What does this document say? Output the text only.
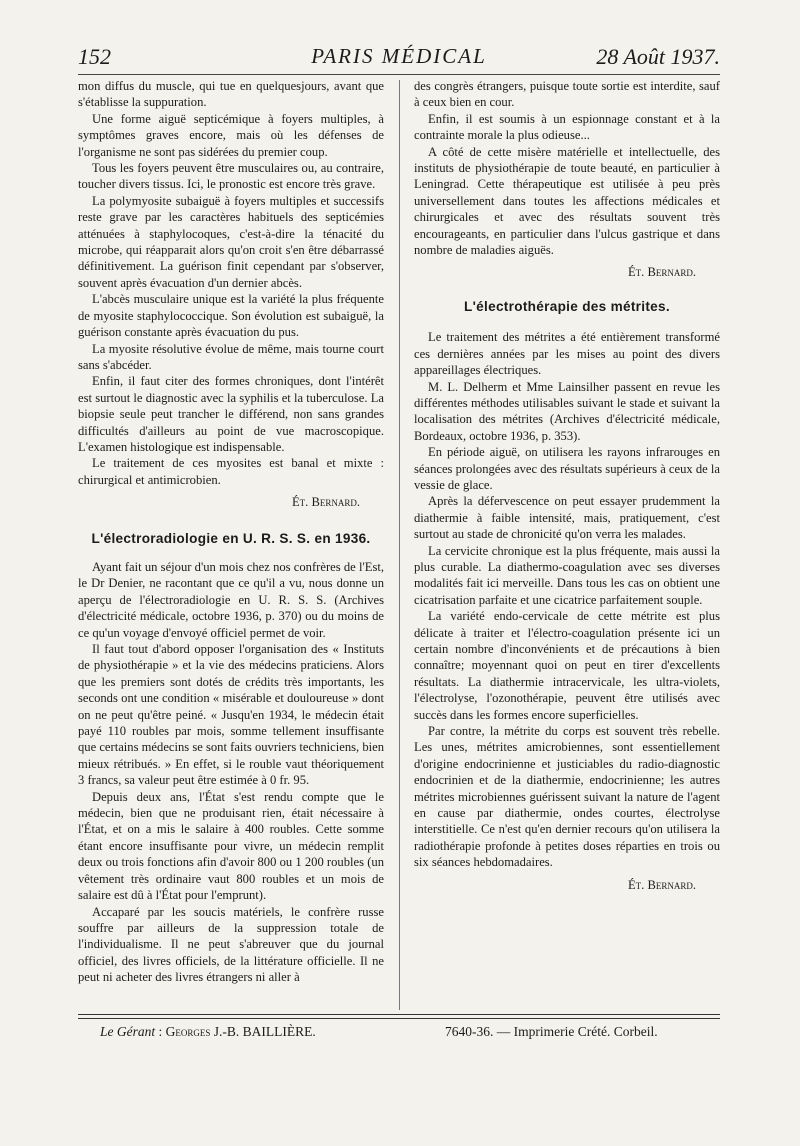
152	PARIS MÉDICAL	28 Août 1937.

mon diffus du muscle, qui tue en quelquesjours, avant que s'établisse la suppuration.

Une forme aiguë septicémique à foyers multiples, à symptômes graves encore, mais où les défenses de l'organisme ne sont pas sidérées du premier coup.

Tous les foyers peuvent être musculaires ou, au contraire, toucher divers tissus. Ici, le pronostic est encore très grave.

La polymyosite subaiguë à foyers multiples et successifs reste grave par les caractères habituels des septicémies atténuées à staphylocoques, c'est-à-dire la ténacité du microbe, qui réapparait alors qu'on croit s'en être débarrassé définitivement. La guérison finit cependant par s'observer, souvent après évacuation d'un dernier abcès.

L'abcès musculaire unique est la variété la plus fréquente de myosite staphylococcique. Son évolution est subaiguë, la guérison constante après évacuation du pus.

La myosite résolutive évolue de même, mais tourne court sans s'abcéder.

Enfin, il faut citer des formes chroniques, dont l'intérêt est surtout le diagnostic avec la syphilis et la tuberculose. La biopsie seule peut trancher le différend, non sans grandes difficultés d'ailleurs au point de vue macroscopique. L'examen histologique est indispensable.

Le traitement de ces myosites est banal et mixte : chirurgical et antimicrobien.

Ét. Bernard.

L'électroradiologie en U. R. S. S. en 1936.

Ayant fait un séjour d'un mois chez nos confrères de l'Est, le Dr Denier, ne racontant que ce qu'il a vu, nous donne un aperçu de l'électroradiologie en U. R. S. S. (Archives d'électricité médicale, octobre 1936, p. 370) ou du moins de ce qu'un voyage d'envoyé officiel permet de voir.

Il faut tout d'abord opposer l'organisation des « Instituts de physiothérapie » et la vie des médecins praticiens. Alors que les premiers sont dotés de crédits très importants, les seconds ont une condition « misérable et douloureuse » dont on ne peut qu'être peiné. « Jusqu'en 1934, le médecin était payé 110 roubles par mois, somme tellement insuffisante que certains médecins se sont faits ouvriers techniciens, bien mieux rétribués. » En effet, si le rouble vaut théoriquement 3 francs, sa valeur peut être estimée à 0 fr. 95.

Depuis deux ans, l'État s'est rendu compte que le médecin, bien que ne produisant rien, était nécessaire à l'État, et on a mis le salaire à 400 roubles. Cette somme étant encore insuffisante pour vivre, un médecin remplit deux ou trois fonctions afin d'avoir 800 ou 1 200 roubles (un vêtement très ordinaire vaut 800 roubles et un mois de salaire est dû à l'État pour l'emprunt).

Accaparé par les soucis matériels, le confrère russe souffre par ailleurs de la suppression totale de l'individualisme. Il ne peut s'abreuver que du journal officiel, des livres officiels, de la littérature officielle. Il ne peut ni acheter des livres étrangers ni aller à

des congrès étrangers, puisque toute sortie est interdite, sauf à ceux bien en cour.

Enfin, il est soumis à un espionnage constant et à la contrainte morale la plus odieuse...

A côté de cette misère matérielle et intellectuelle, des instituts de physiothérapie de toute beauté, en particulier à Leningrad. Cette thérapeutique est utilisée à peu près universellement dans toutes les affections médicales et chirurgicales et avec des résultats souvent très encourageants, en particulier dans l'ulcus gastrique et dans nombre de maladies aiguës.

Ét. Bernard.

L'électrothérapie des métrites.

Le traitement des métrites a été entièrement transformé ces dernières années par les mises au point des divers appareillages électriques.

M. L. Delherm et Mme Lainsilher passent en revue les différentes méthodes utilisables suivant le stade et suivant la localisation des métrites (Archives d'électricité médicale, Bordeaux, octobre 1936, p. 353).

En période aiguë, on utilisera les rayons infrarouges en séances prolongées avec des résultats supérieurs à ceux de la vessie de glace.

Après la défervescence on peut essayer prudemment la diathermie à faible intensité, mais, pratiquement, c'est surtout au stade de chronicité qu'on verra les malades.

La cervicite chronique est la plus fréquente, mais aussi la plus curable. La diathermo-coagulation avec ses diverses modalités fait ici merveille. Dans tous les cas on obtient une cicatrisation parfaite et une cicatrice parfaitement souple.

La variété endo-cervicale de cette métrite est plus délicate à traiter et l'électro-coagulation présente ici un certain nombre d'inconvénients et de précautions à bien connaître; moyennant quoi on peut en tirer d'excellents résultats. La diathermie intracervicale, les ultra-violets, l'électrolyse, l'ozonothérapie, peuvent être utilisés avec succès dans les formes encore superficielles.

Par contre, la métrite du corps est souvent très rebelle. Les unes, métrites amicrobiennes, sont essentiellement d'origine endocrinienne et justiciables du radio-diagnostic endocrinien et de la diathermie, endocrinienne; les autres métrites microbiennes guérissent suivant la nature de l'agent en cause par diathermie, ondes courtes, électrolyse interstitielle. Ce n'est qu'en dernier recours qu'on utilisera la radiothérapie profonde à petites doses réparties en trois ou six séances hebdomadaires.

Ét. Bernard.

Le Gérant : Georges J.-B. BAILLIÈRE.	7640-36. — Imprimerie Crété. Corbeil.
